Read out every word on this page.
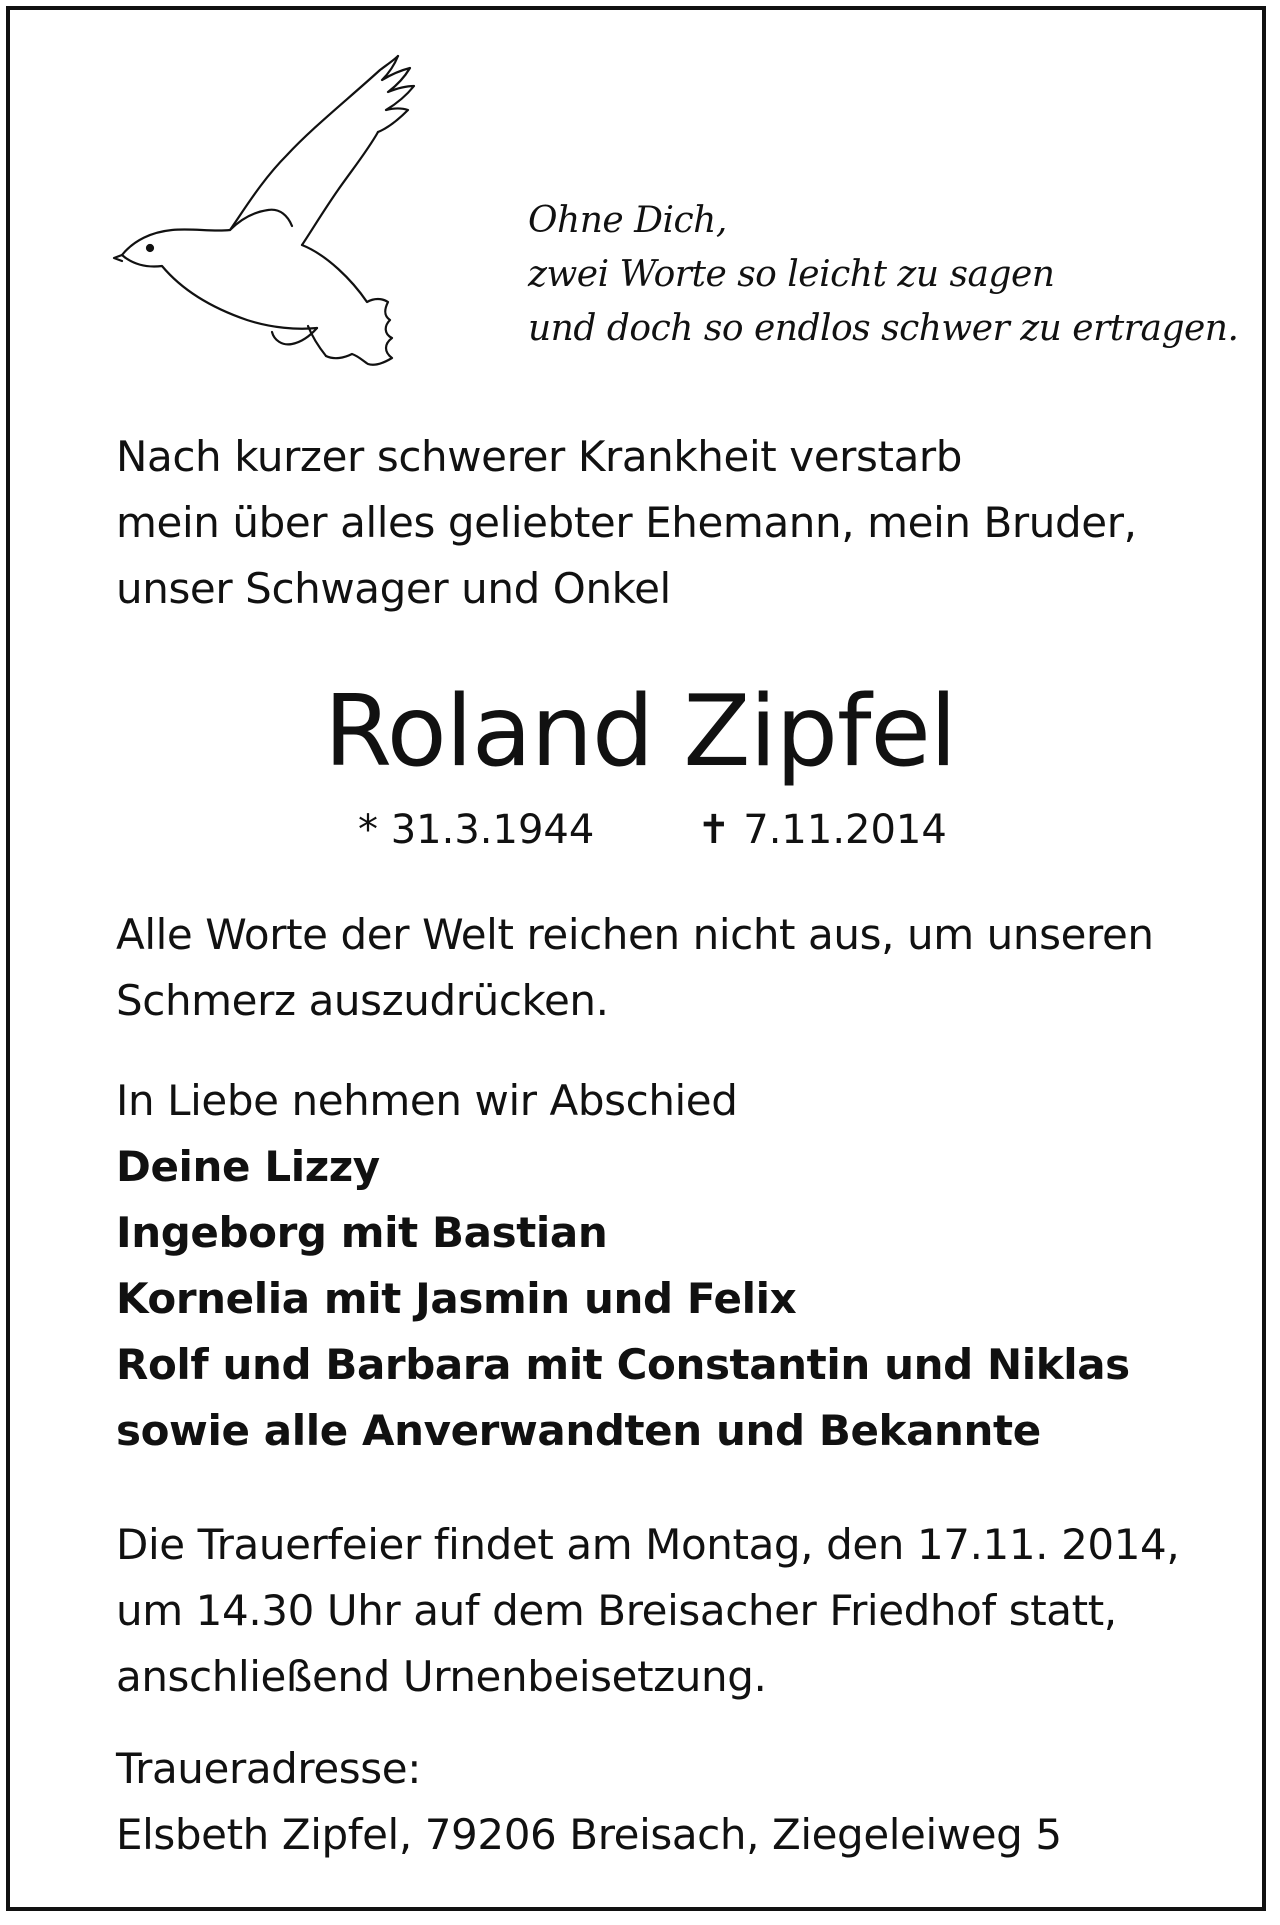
Ohne Dich,
zwei Worte so leicht zu sagen
und doch so endlos schwer zu ertragen.
Nach kurzer schwerer Krankheit verstarb
mein über alles geliebter Ehemann, mein Bruder,
unser Schwager und Onkel
Roland Zipfel
* 31.3.1944	✝ 7.11.2014
Alle Worte der Welt reichen nicht aus, um unseren
Schmerz auszudrücken.
In Liebe nehmen wir Abschied
Deine Lizzy
Ingeborg mit Bastian
Kornelia mit Jasmin und Felix
Rolf und Barbara mit Constantin und Niklas
sowie alle Anverwandten und Bekannte
Die Trauerfeier findet am Montag, den 17.11. 2014,
um 14.30 Uhr auf dem Breisacher Friedhof statt,
anschließend Urnenbeisetzung.
Traueradresse:
Elsbeth Zipfel, 79206 Breisach, Ziegeleiweg 5
